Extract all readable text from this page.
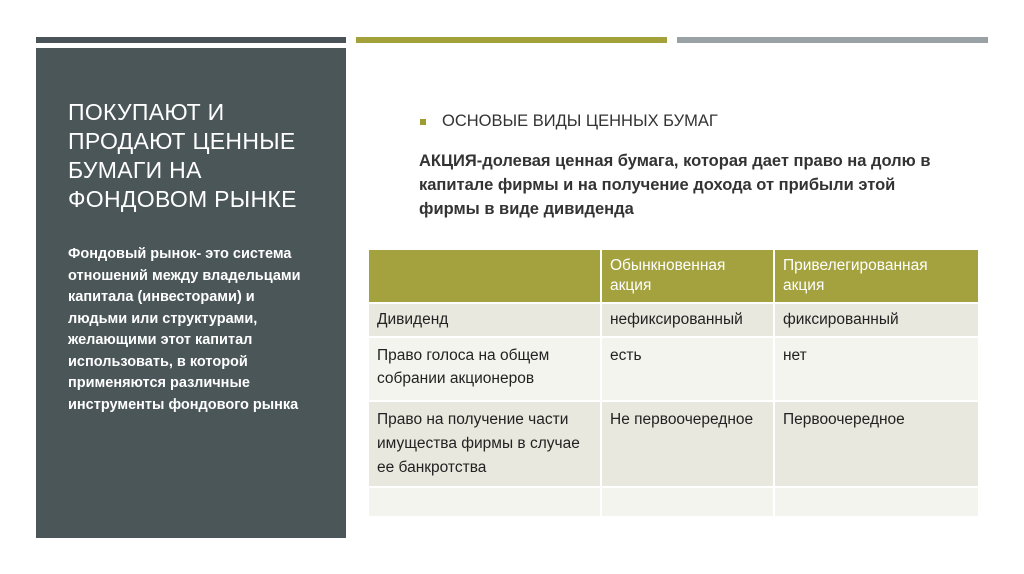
ПОКУПАЮТ И ПРОДАЮТ ЦЕННЫЕ БУМАГИ НА ФОНДОВОМ РЫНКЕ
Фондовый рынок- это система отношений между владельцами капитала (инвесторами) и людьми или структурами, желающими этот капитал использовать, в которой применяются различные инструменты фондового рынка
ОСНОВЫЕ ВИДЫ ЦЕННЫХ БУМАГ
АКЦИЯ-долевая ценная бумага, которая дает право на долю в капитале фирмы и на получение дохода от прибыли этой фирмы в виде дивиденда
	Обынкновенная акция	Привелегированная акция
Дивиденд	нефиксированный	фиксированный
Право голоса на общем собрании акционеров	есть	нет
Право на получение части имущества фирмы в случае ее банкротства	Не первоочередное	Первоочередное
